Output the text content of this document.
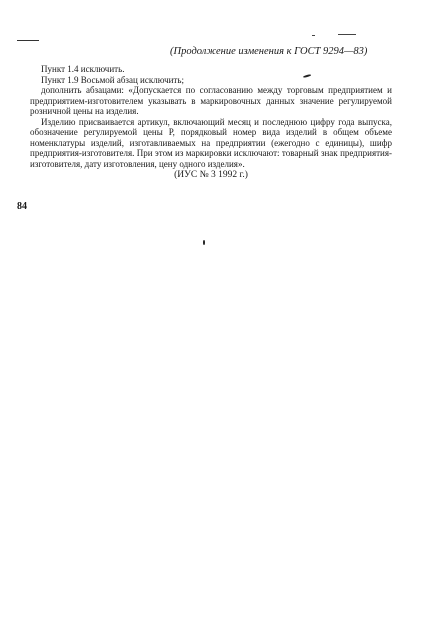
(Продолжение изменения к ГОСТ 9294—83)

Пункт 1.4 исключить.

Пункт 1.9 Восьмой абзац исключить;

дополнить абзацами: «Допускается по согласованию между торговым предприятием и предприятием-изготовителем указывать в маркировочных данных значение регулируемой розничной цены на изделия.

Изделию присваивается артикул, включающий месяц и последнюю цифру года выпуска, обозначение регулируемой цены Р, порядковый номер вида изделий в общем объеме номенклатуры изделий, изготавливаемых на предприятии (ежегодно с единицы), шифр предприятия-изготовителя. При этом из маркировки исключают: товарный знак предприятия-изготовителя, дату изготовления, цену одного изделия».

(ИУС № 3 1992 г.)
84
